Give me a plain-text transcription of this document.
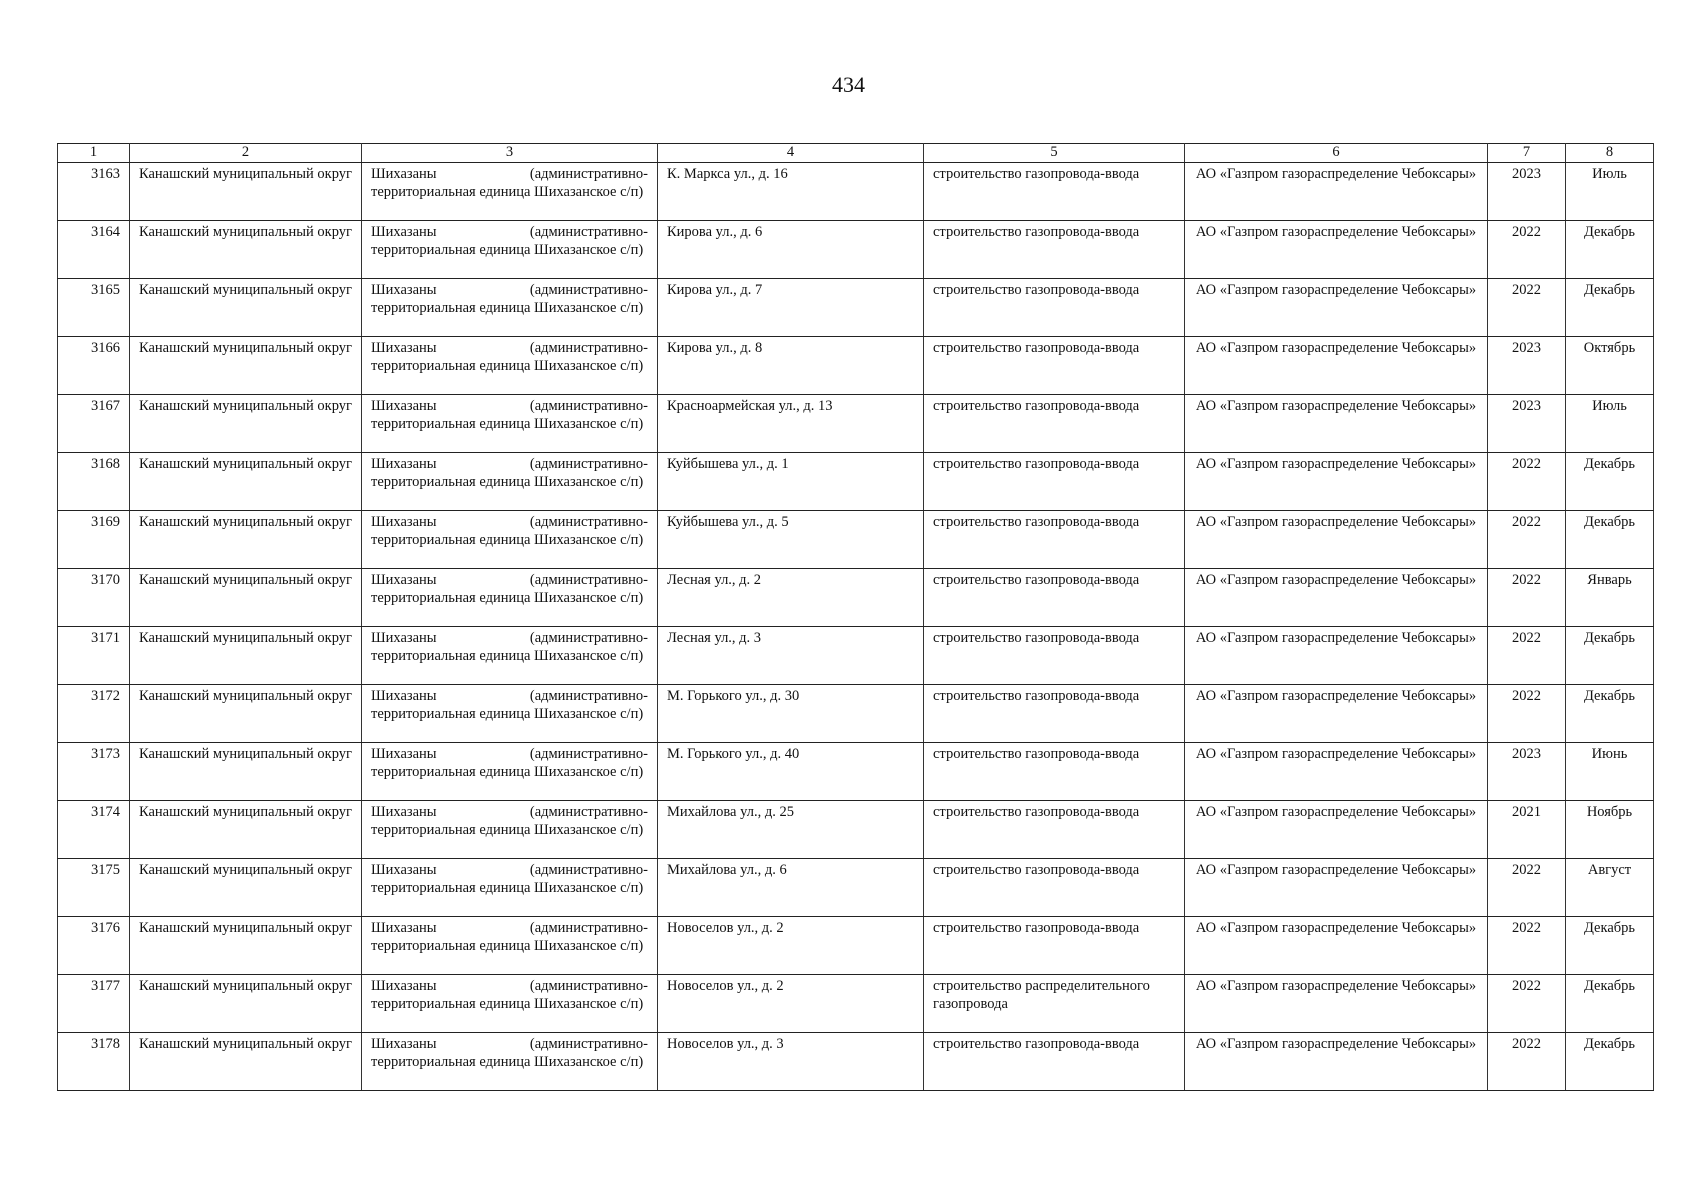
434
1	2	3	4	5	6	7	8
3163	Канашский муниципальный округ	Шихазаны (административно-территориальная единица Шихазанское с/п)	К. Маркса ул., д. 16	строительство газопровода-ввода	АО «Газпром газораспределение Чебоксары»	2023	Июль
3164	Канашский муниципальный округ	Шихазаны (административно-территориальная единица Шихазанское с/п)	Кирова ул., д. 6	строительство газопровода-ввода	АО «Газпром газораспределение Чебоксары»	2022	Декабрь
3165	Канашский муниципальный округ	Шихазаны (административно-территориальная единица Шихазанское с/п)	Кирова ул., д. 7	строительство газопровода-ввода	АО «Газпром газораспределение Чебоксары»	2022	Декабрь
3166	Канашский муниципальный округ	Шихазаны (административно-территориальная единица Шихазанское с/п)	Кирова ул., д. 8	строительство газопровода-ввода	АО «Газпром газораспределение Чебоксары»	2023	Октябрь
3167	Канашский муниципальный округ	Шихазаны (административно-территориальная единица Шихазанское с/п)	Красноармейская ул., д. 13	строительство газопровода-ввода	АО «Газпром газораспределение Чебоксары»	2023	Июль
3168	Канашский муниципальный округ	Шихазаны (административно-территориальная единица Шихазанское с/п)	Куйбышева ул., д. 1	строительство газопровода-ввода	АО «Газпром газораспределение Чебоксары»	2022	Декабрь
3169	Канашский муниципальный округ	Шихазаны (административно-территориальная единица Шихазанское с/п)	Куйбышева ул., д. 5	строительство газопровода-ввода	АО «Газпром газораспределение Чебоксары»	2022	Декабрь
3170	Канашский муниципальный округ	Шихазаны (административно-территориальная единица Шихазанское с/п)	Лесная ул., д. 2	строительство газопровода-ввода	АО «Газпром газораспределение Чебоксары»	2022	Январь
3171	Канашский муниципальный округ	Шихазаны (административно-территориальная единица Шихазанское с/п)	Лесная ул., д. 3	строительство газопровода-ввода	АО «Газпром газораспределение Чебоксары»	2022	Декабрь
3172	Канашский муниципальный округ	Шихазаны (административно-территориальная единица Шихазанское с/п)	М. Горького ул., д. 30	строительство газопровода-ввода	АО «Газпром газораспределение Чебоксары»	2022	Декабрь
3173	Канашский муниципальный округ	Шихазаны (административно-территориальная единица Шихазанское с/п)	М. Горького ул., д. 40	строительство газопровода-ввода	АО «Газпром газораспределение Чебоксары»	2023	Июнь
3174	Канашский муниципальный округ	Шихазаны (административно-территориальная единица Шихазанское с/п)	Михайлова ул., д. 25	строительство газопровода-ввода	АО «Газпром газораспределение Чебоксары»	2021	Ноябрь
3175	Канашский муниципальный округ	Шихазаны (административно-территориальная единица Шихазанское с/п)	Михайлова ул., д. 6	строительство газопровода-ввода	АО «Газпром газораспределение Чебоксары»	2022	Август
3176	Канашский муниципальный округ	Шихазаны (административно-территориальная единица Шихазанское с/п)	Новоселов ул., д. 2	строительство газопровода-ввода	АО «Газпром газораспределение Чебоксары»	2022	Декабрь
3177	Канашский муниципальный округ	Шихазаны (административно-территориальная единица Шихазанское с/п)	Новоселов ул., д. 2	строительство распределительного газопровода	АО «Газпром газораспределение Чебоксары»	2022	Декабрь
3178	Канашский муниципальный округ	Шихазаны (административно-территориальная единица Шихазанское с/п)	Новоселов ул., д. 3	строительство газопровода-ввода	АО «Газпром газораспределение Чебоксары»	2022	Декабрь
